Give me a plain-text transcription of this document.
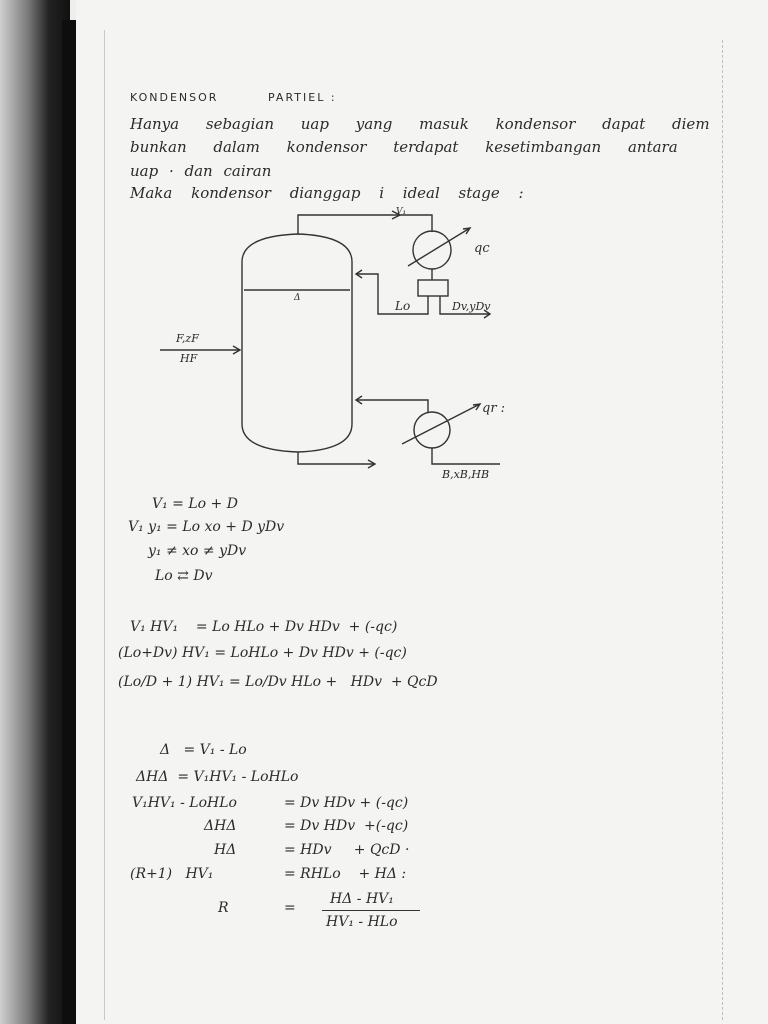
KONDENSOR	PARTIEL :
Hanya sebagian uap yang masuk kondensor dapat diem
bunkan dalam kondensor terdapat kesetimbangan antara
uap · dan cairan
Maka kondensor dianggap i ideal stage :
V₁
qc
Δ
Lo	Dv,yDv
F,zF
HF
qr :
B,xB,HB
V₁ = Lo + D
V₁ y₁ = Lo xo + D yDv
y₁ ≠ xo ≠ yDv
Lo ⇄ Dv
V₁ HV₁    = Lo HLo + Dv HDv  + (-qc)
(Lo+Dv) HV₁ = LoHLo + Dv HDv + (-qc)
(Lo/D + 1) HV₁ = Lo/Dv HLo +   HDv  + QcD
Δ   = V₁ - Lo
ΔHΔ  = V₁HV₁ - LoHLo
V₁HV₁ - LoHLo	= Dv HDv + (-qc)
ΔHΔ	= Dv HDv  +(-qc)
HΔ	= HDv     + QcD ·
(R+1)   HV₁	= RHLo    + HΔ :
R	=
HΔ - HV₁
HV₁ - HLo
